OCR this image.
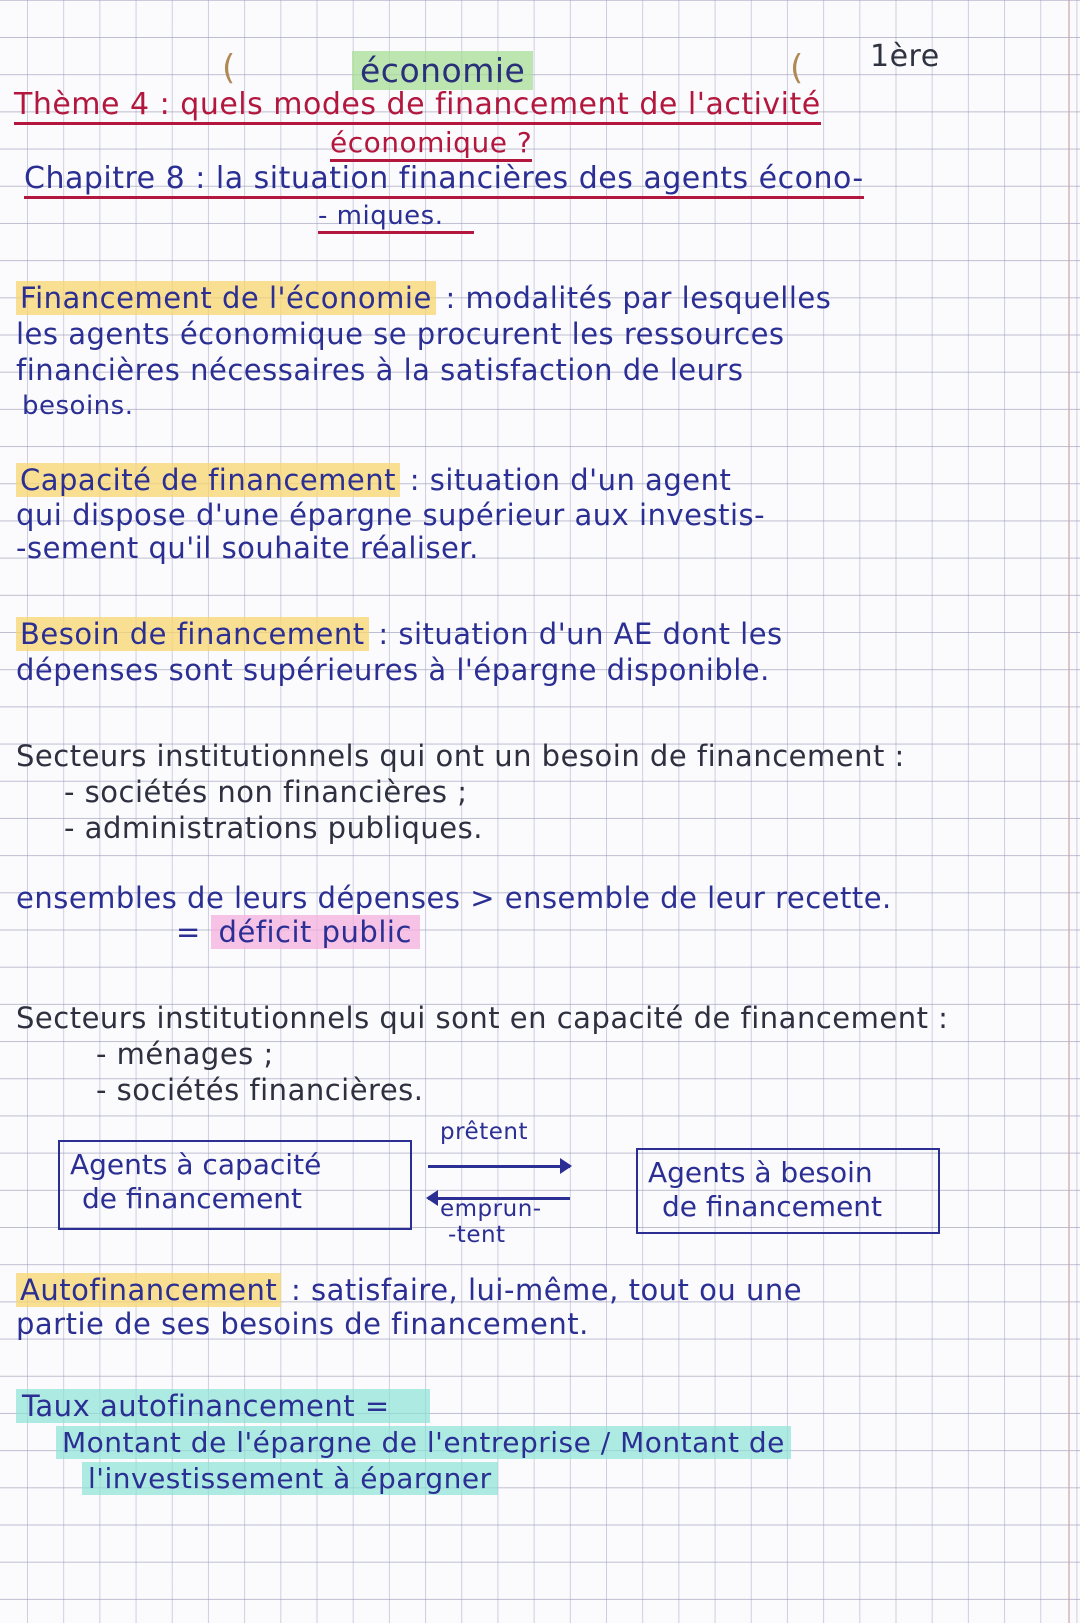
(	(
économie	1ère
Thème 4 : quels modes de financement de l'activité
économique ?
Chapitre 8 : la situation financières des agents écono-
- miques.
Financement de l'économie : modalités par lesquelles
les agents économique se procurent les ressources
financières nécessaires à la satisfaction de leurs
besoins.
Capacité de financement : situation d'un agent
qui dispose d'une épargne supérieur aux investis-
-sement qu'il souhaite réaliser.
Besoin de financement : situation d'un AE dont les
dépenses sont supérieures à l'épargne disponible.
Secteurs institutionnels qui ont un besoin de financement :
- sociétés non financières ;
- administrations publiques.
ensembles de leurs dépenses > ensemble de leur recette.
= déficit public
Secteurs institutionnels qui sont en capacité de financement :
- ménages ;
- sociétés financières.
Agents à capacité
de financement
prêtent
emprun-
-tent
Agents à besoin
de financement
Autofinancement : satisfaire, lui-même, tout ou une
partie de ses besoins de financement.
Taux autofinancement =
Montant de l'épargne de l'entreprise / Montant de
l'investissement à épargner
